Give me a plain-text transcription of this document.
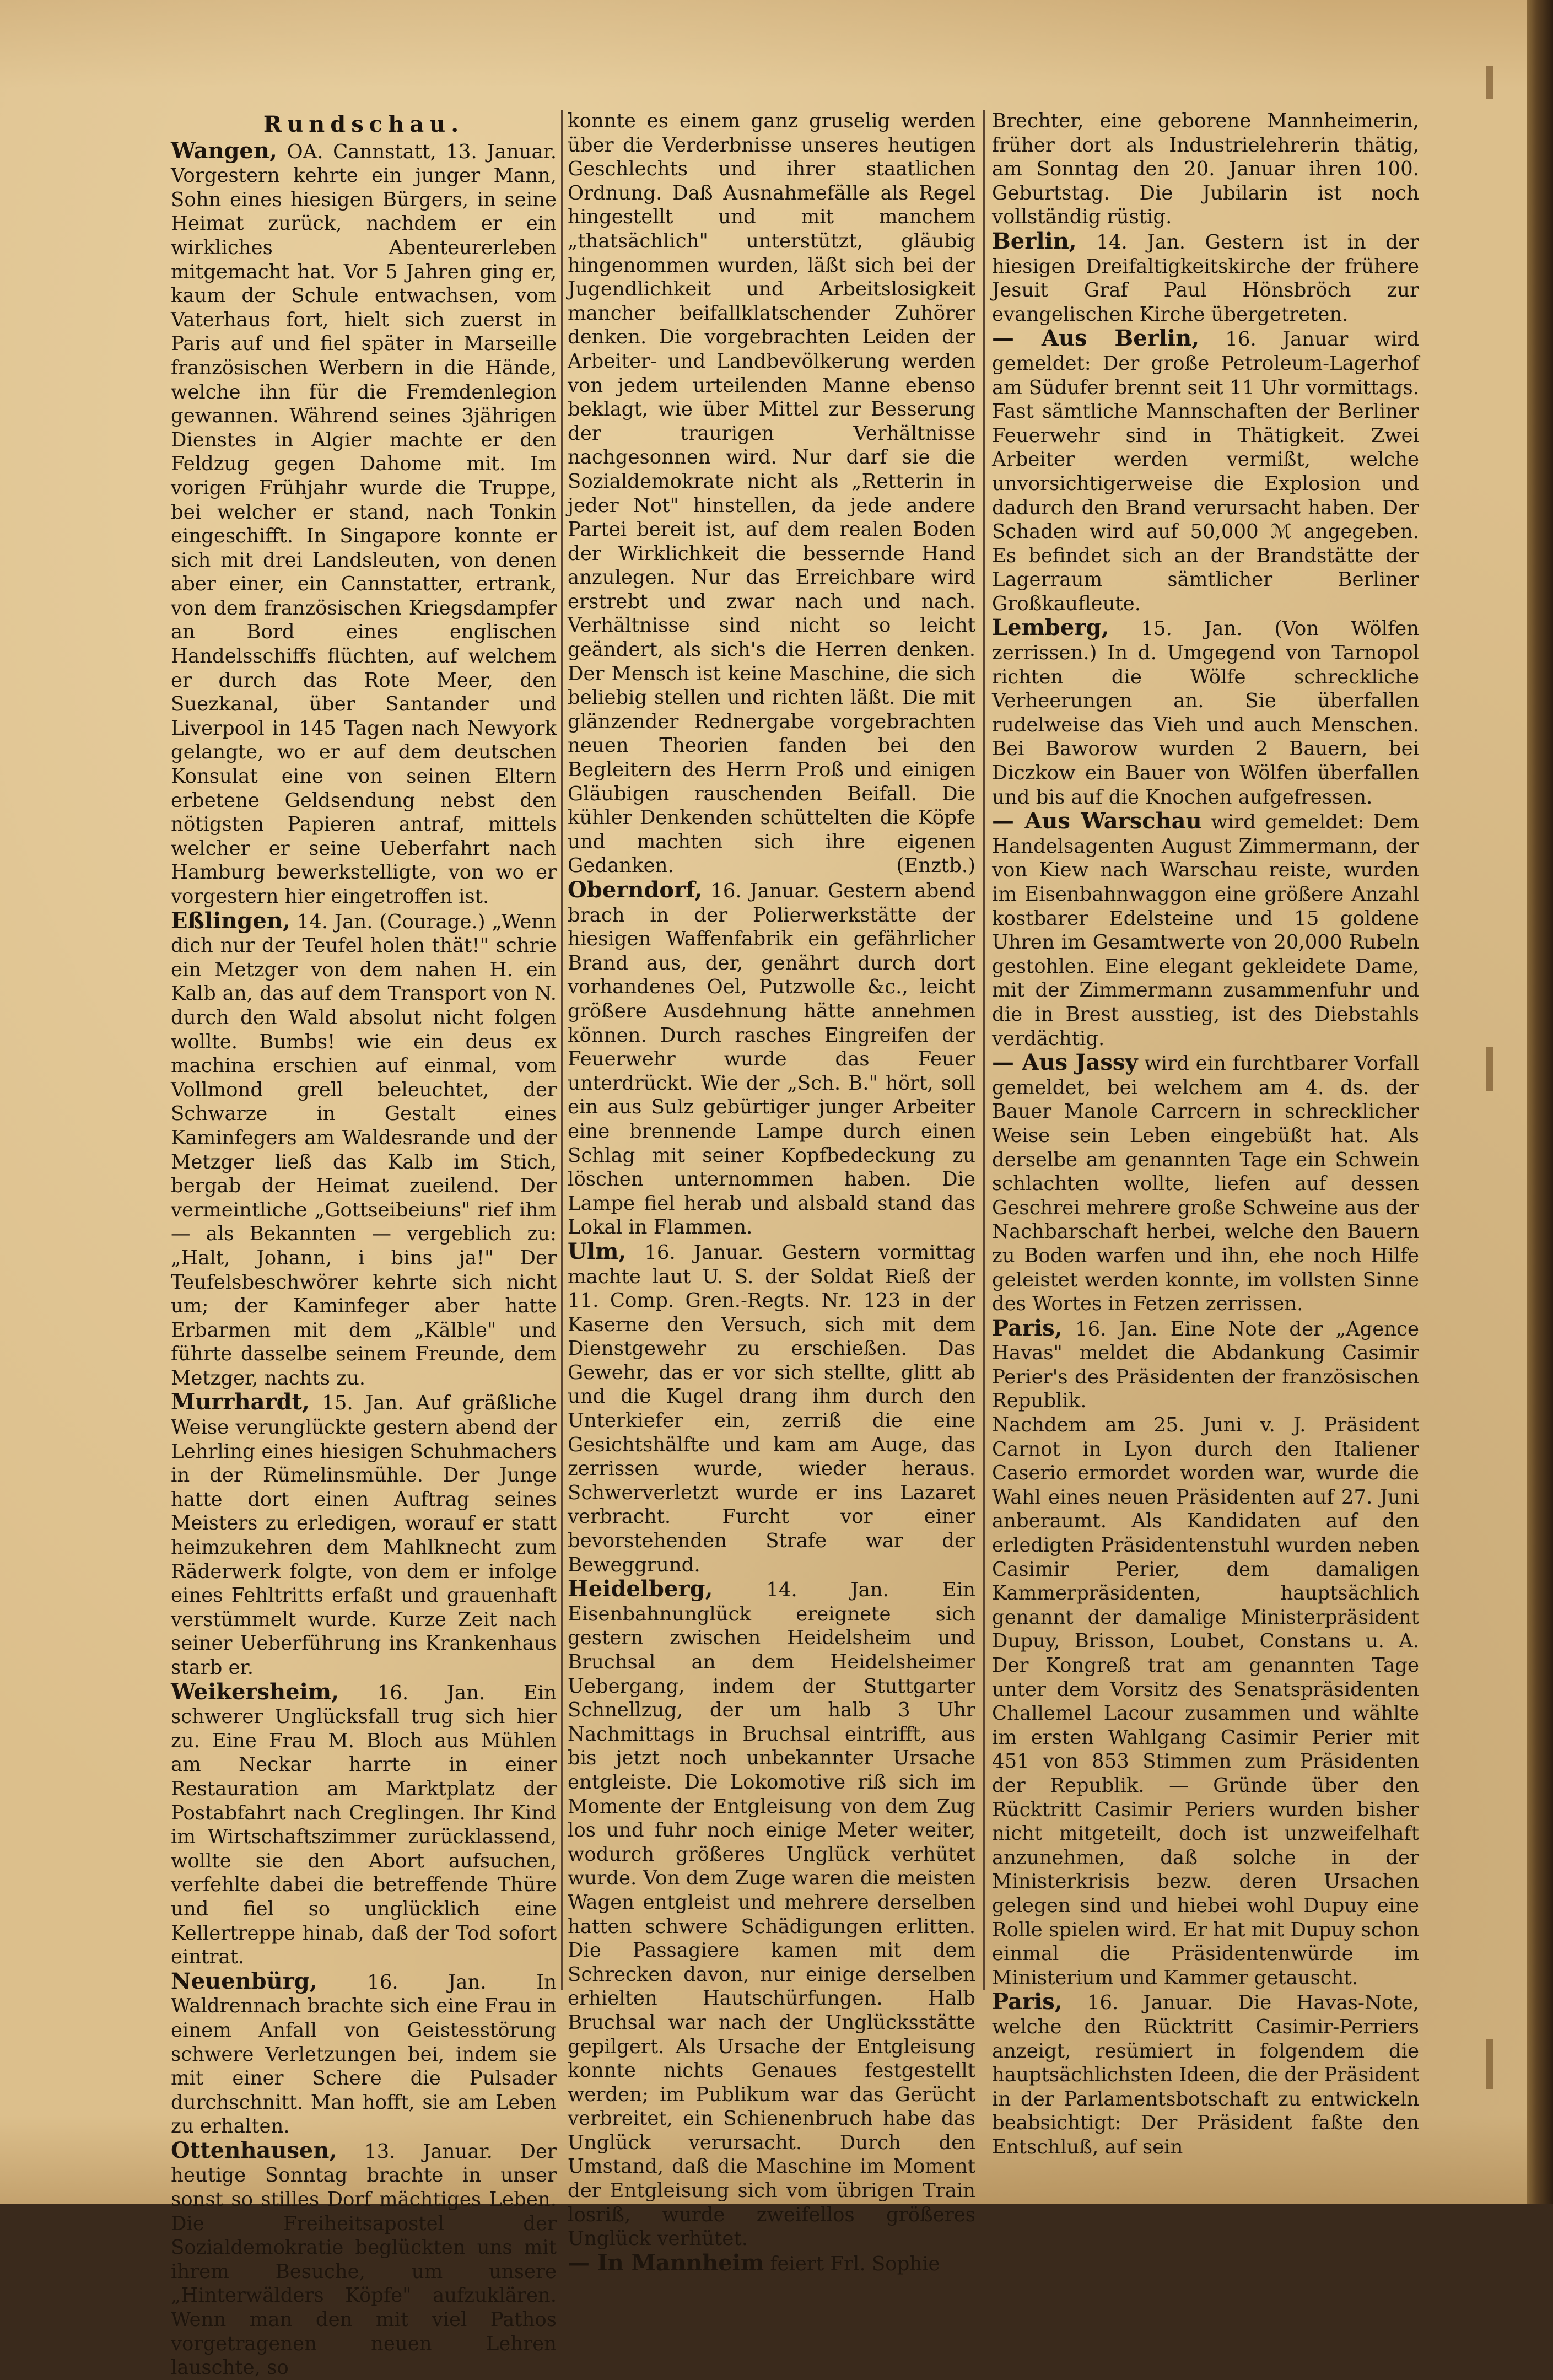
Rundschau.

Wangen, OA. Cannstatt, 13. Januar. Vorgestern kehrte ein junger Mann, Sohn eines hiesigen Bürgers, in seine Heimat zurück, nachdem er ein wirkliches Abenteurerleben mitgemacht hat. Vor 5 Jahren ging er, kaum der Schule entwachsen, vom Vaterhaus fort, hielt sich zuerst in Paris auf und fiel später in Marseille französischen Werbern in die Hände, welche ihn für die Fremdenlegion gewannen. Während seines 3jährigen Dienstes in Algier machte er den Feldzug gegen Dahome mit. Im vorigen Frühjahr wurde die Truppe, bei welcher er stand, nach Tonkin eingeschifft. In Singapore konnte er sich mit drei Landsleuten, von denen aber einer, ein Cannstatter, ertrank, von dem französischen Kriegsdampfer an Bord eines englischen Handelsschiffs flüchten, auf welchem er durch das Rote Meer, den Suezkanal, über Santander und Liverpool in 145 Tagen nach Newyork gelangte, wo er auf dem deutschen Konsulat eine von seinen Eltern erbetene Geldsendung nebst den nötigsten Papieren antraf, mittels welcher er seine Ueberfahrt nach Hamburg bewerkstelligte, von wo er vorgestern hier eingetroffen ist.

Eßlingen, 14. Jan. (Courage.) „Wenn dich nur der Teufel holen thät!" schrie ein Metzger von dem nahen H. ein Kalb an, das auf dem Transport von N. durch den Wald absolut nicht folgen wollte. Bumbs! wie ein deus ex machina erschien auf einmal, vom Vollmond grell beleuchtet, der Schwarze in Gestalt eines Kaminfegers am Waldesrande und der Metzger ließ das Kalb im Stich, bergab der Heimat zueilend. Der vermeintliche „Gottseibeiuns" rief ihm — als Bekannten — vergeblich zu: „Halt, Johann, i bins ja!" Der Teufelsbeschwörer kehrte sich nicht um; der Kaminfeger aber hatte Erbarmen mit dem „Kälble" und führte dasselbe seinem Freunde, dem Metzger, nachts zu.

Murrhardt, 15. Jan. Auf gräßliche Weise verunglückte gestern abend der Lehrling eines hiesigen Schuhmachers in der Rümelinsmühle. Der Junge hatte dort einen Auftrag seines Meisters zu erledigen, worauf er statt heimzukehren dem Mahlknecht zum Räderwerk folgte, von dem er infolge eines Fehltritts erfaßt und grauenhaft verstümmelt wurde. Kurze Zeit nach seiner Ueberführung ins Krankenhaus starb er.

Weikersheim, 16. Jan. Ein schwerer Unglücksfall trug sich hier zu. Eine Frau M. Bloch aus Mühlen am Neckar harrte in einer Restauration am Marktplatz der Postabfahrt nach Creglingen. Ihr Kind im Wirtschaftszimmer zurücklassend, wollte sie den Abort aufsuchen, verfehlte dabei die betreffende Thüre und fiel so unglücklich eine Kellertreppe hinab, daß der Tod sofort eintrat.

Neuenbürg,	16. Jan. In Waldrennach brachte sich eine Frau in einem Anfall von Geistesstörung schwere Verletzungen bei, indem sie mit einer Schere die Pulsader durchschnitt. Man hofft, sie am Leben zu erhalten.

Ottenhausen, 13. Januar. Der heutige Sonntag brachte in unser sonst so stilles Dorf mächtiges Leben. Die Freiheitsapostel der Sozialdemokratie beglückten uns mit ihrem Besuche, um unsere „Hinterwälders Köpfe" aufzuklären. Wenn man den mit viel Pathos vorgetragenen neuen Lehren lauschte, so

konnte es einem ganz gruselig werden über die Verderbnisse unseres heutigen Geschlechts und ihrer staatlichen Ordnung. Daß Ausnahmefälle als Regel hingestellt und mit manchem „thatsächlich" unterstützt, gläubig hingenommen wurden, läßt sich bei der Jugendlichkeit und Arbeitslosigkeit mancher beifallklatschender Zuhörer denken. Die vorgebrachten Leiden der Arbeiter- und Landbevölkerung werden von jedem urteilenden Manne ebenso beklagt, wie über Mittel zur Besserung der traurigen Verhältnisse nachgesonnen wird. Nur darf sie die Sozialdemokrate nicht als „Retterin in jeder Not" hinstellen, da jede andere Partei bereit ist, auf dem realen Boden der Wirklichkeit die bessernde Hand anzulegen. Nur das Erreichbare wird erstrebt und zwar nach und nach. Verhältnisse sind nicht so leicht geändert, als sich's die Herren denken. Der Mensch ist keine Maschine, die sich beliebig stellen und richten läßt. Die mit glänzender Rednergabe vorgebrachten neuen Theorien fanden bei den Begleitern des Herrn Proß und einigen Gläubigen rauschenden Beifall. Die kühler Denkenden schüttelten die Köpfe und machten sich ihre eigenen Gedanken.	(Enztb.)

Oberndorf, 16. Januar. Gestern abend brach in der Polierwerkstätte der hiesigen Waffenfabrik ein gefährlicher Brand aus, der, genährt durch dort vorhandenes Oel, Putzwolle &c., leicht größere Ausdehnung hätte annehmen können. Durch rasches Eingreifen der Feuerwehr wurde das Feuer unterdrückt. Wie der „Sch. B." hört, soll ein aus Sulz gebürtiger junger Arbeiter eine brennende Lampe durch einen Schlag mit seiner Kopfbedeckung zu löschen unternommen haben. Die Lampe fiel herab und alsbald stand das Lokal in Flammen.

Ulm, 16. Januar. Gestern vormittag machte laut U. S. der Soldat Rieß der 11. Comp. Gren.-Regts. Nr. 123 in der Kaserne den Versuch, sich mit dem Dienstgewehr zu erschießen. Das Gewehr, das er vor sich stellte, glitt ab und die Kugel drang ihm durch den Unterkiefer ein, zerriß die eine Gesichtshälfte und kam am Auge, das zerrissen wurde, wieder heraus. Schwerverletzt wurde er ins Lazaret verbracht. Furcht vor einer bevorstehenden Strafe war der Beweggrund.

Heidelberg,	14. Jan. Ein Eisenbahnunglück ereignete sich gestern zwischen Heidelsheim und Bruchsal an dem Heidelsheimer Uebergang, indem der Stuttgarter Schnellzug, der um halb 3 Uhr Nachmittags in Bruchsal eintrifft, aus bis jetzt noch unbekannter Ursache entgleiste. Die Lokomotive riß sich im Momente der Entgleisung von dem Zug los und fuhr noch einige Meter weiter, wodurch größeres Unglück verhütet wurde. Von dem Zuge waren die meisten Wagen entgleist und mehrere derselben hatten schwere Schädigungen erlitten. Die Passagiere kamen mit dem Schrecken davon, nur einige derselben erhielten Hautschürfungen. Halb Bruchsal war nach der Unglücksstätte gepilgert. Als Ursache der Entgleisung konnte nichts Genaues festgestellt werden; im Publikum war das Gerücht verbreitet, ein Schienenbruch habe das Unglück verursacht. Durch den Umstand, daß die Maschine im Moment der Entgleisung sich vom übrigen Train losriß, wurde zweifellos größeres Unglück verhütet.

— In Mannheim feiert Frl. Sophie

Brechter, eine geborene Mannheimerin, früher dort als Industrielehrerin thätig, am Sonntag den 20. Januar ihren 100. Geburtstag. Die Jubilarin ist noch vollständig rüstig.

Berlin, 14. Jan. Gestern ist in der hiesigen Dreifaltigkeitskirche der frühere Jesuit Graf Paul Hönsbröch zur evangelischen Kirche übergetreten.

— Aus Berlin, 16. Januar wird gemeldet: Der große Petroleum-Lagerhof am Südufer brennt seit 11 Uhr vormittags. Fast sämtliche Mannschaften der Berliner Feuerwehr sind in Thätigkeit. Zwei Arbeiter werden vermißt, welche unvorsichtigerweise die Explosion und dadurch den Brand verursacht haben. Der Schaden wird auf 50,000 ℳ angegeben. Es befindet sich an der Brandstätte der Lagerraum sämtlicher Berliner Großkaufleute.

Lemberg, 15. Jan. (Von Wölfen zerrissen.) In d. Umgegend von Tarnopol richten die Wölfe schreckliche Verheerungen an. Sie überfallen rudelweise das Vieh und auch Menschen. Bei Baworow wurden 2 Bauern, bei Diczkow ein Bauer von Wölfen überfallen und bis auf die Knochen aufgefressen.

— Aus Warschau wird gemeldet: Dem Handelsagenten August Zimmermann, der von Kiew nach Warschau reiste, wurden im Eisenbahnwaggon eine größere Anzahl kostbarer Edelsteine und 15 goldene Uhren im Gesamtwerte von 20,000 Rubeln gestohlen. Eine elegant gekleidete Dame, mit der Zimmermann zusammenfuhr und die in Brest ausstieg, ist des Diebstahls verdächtig.

— Aus Jassy wird ein furchtbarer Vorfall gemeldet, bei welchem am 4. ds. der Bauer Manole Carrcern in schrecklicher Weise sein Leben eingebüßt hat. Als derselbe am genannten Tage ein Schwein schlachten wollte, liefen auf dessen Geschrei mehrere große Schweine aus der Nachbarschaft herbei, welche den Bauern zu Boden warfen und ihn, ehe noch Hilfe geleistet werden konnte, im vollsten Sinne des Wortes in Fetzen zerrissen.

Paris, 16. Jan. Eine Note der „Agence Havas" meldet die Abdankung Casimir Perier's des Präsidenten der französischen Republik.

Nachdem am 25. Juni v. J. Präsident Carnot in Lyon durch den Italiener Caserio ermordet worden war, wurde die Wahl eines neuen Präsidenten auf 27. Juni anberaumt. Als Kandidaten auf den erledigten Präsidentenstuhl wurden neben Casimir Perier, dem damaligen Kammerpräsidenten, hauptsächlich genannt der damalige Ministerpräsident Dupuy, Brisson, Loubet, Constans u. A. Der Kongreß trat am genannten Tage unter dem Vorsitz des Senatspräsidenten Challemel Lacour zusammen und wählte im ersten Wahlgang Casimir Perier mit 451 von 853 Stimmen zum Präsidenten der Republik. — Gründe über den Rücktritt Casimir Periers wurden bisher nicht mitgeteilt, doch ist unzweifelhaft anzunehmen, daß solche in der Ministerkrisis bezw. deren Ursachen gelegen sind und hiebei wohl Dupuy eine Rolle spielen wird. Er hat mit Dupuy schon einmal die Präsidentenwürde im Ministerium und Kammer getauscht.

Paris, 16. Januar. Die Havas-Note, welche den Rücktritt Casimir-Perriers anzeigt, resümiert in folgendem die hauptsächlichsten Ideen, die der Präsident in der Parlamentsbotschaft zu entwickeln beabsichtigt: Der Präsident faßte den Entschluß, auf sein
